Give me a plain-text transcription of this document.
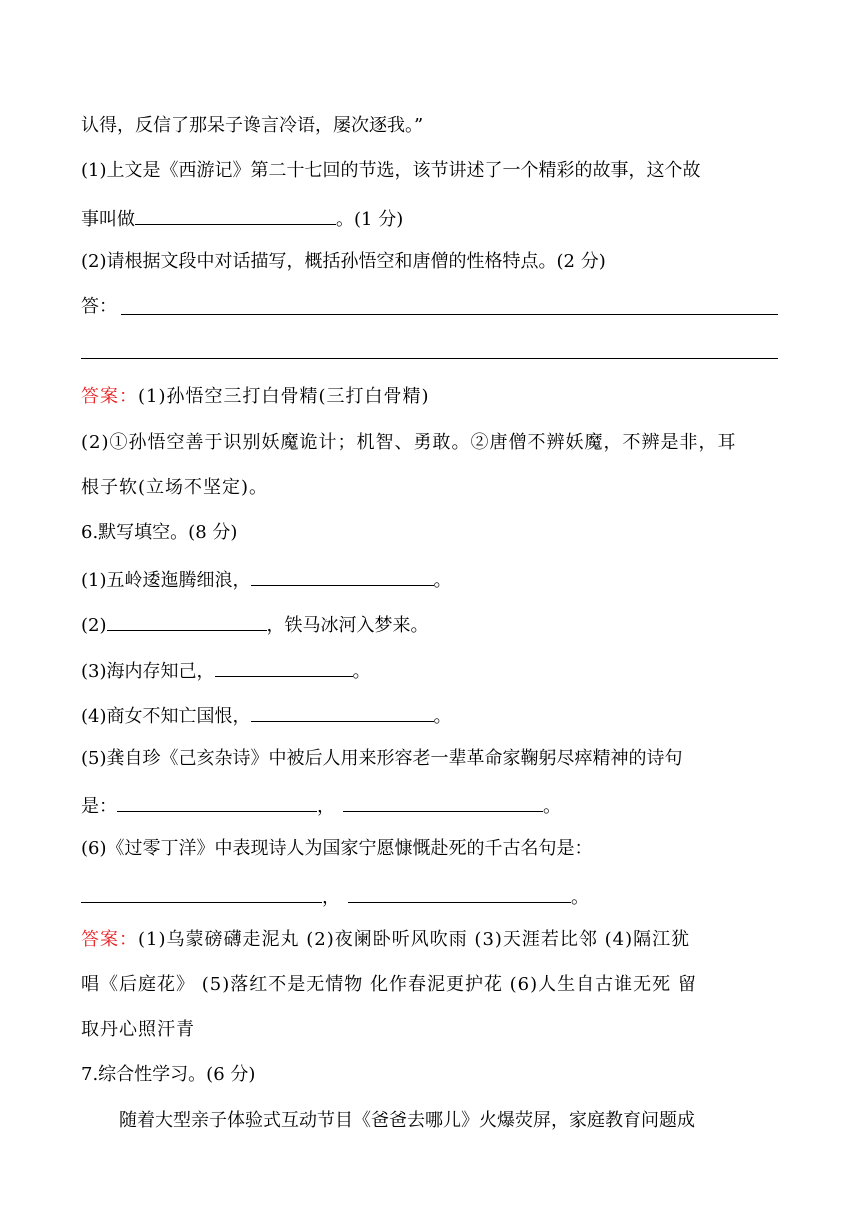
认得，反信了那呆子谗言冷语，屡次逐我。”
(1)上文是《西游记》第二十七回的节选，该节讲述了一个精彩的故事，这个故
事叫做	。(1 分)
(2)请根据文段中对话描写，概括孙悟空和唐僧的性格特点。(2 分)
答：
答案：(1)孙悟空三打白骨精(三打白骨精)
(2)①孙悟空善于识别妖魔诡计；机智、勇敢。②唐僧不辨妖魔，不辨是非，耳
根子软(立场不坚定)。
6.默写填空。(8 分)
(1)五岭逶迤腾细浪，	。
(2)	，铁马冰河入梦来。
(3)海内存知己，	。
(4)商女不知亡国恨，	。
(5)龚自珍《己亥杂诗》中被后人用来形容老一辈革命家鞠躬尽瘁精神的诗句
是：	，	。
(6)《过零丁洋》中表现诗人为国家宁愿慷慨赴死的千古名句是：
，	。
答案：(1)乌蒙磅礴走泥丸 (2)夜阑卧听风吹雨 (3)天涯若比邻 (4)隔江犹
唱《后庭花》 (5)落红不是无情物 化作春泥更护花 (6)人生自古谁无死 留
取丹心照汗青
7.综合性学习。(6 分)
随着大型亲子体验式互动节目《爸爸去哪儿》火爆荧屏，家庭教育问题成
